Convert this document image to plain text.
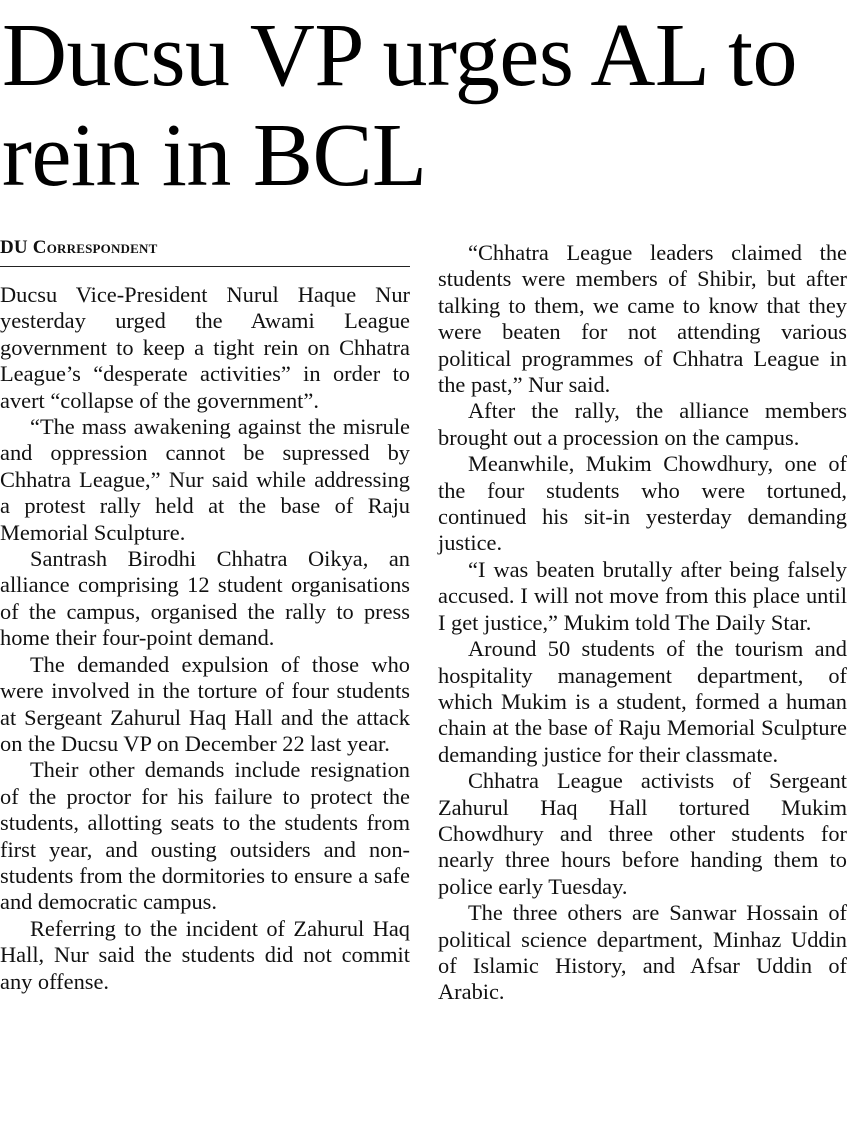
Ducsu VP urges AL to rein in BCL
DU Correspondent

Ducsu Vice-President Nurul Haque Nur yesterday urged the Awami League government to keep a tight rein on Chhatra League’s “desperate activities” in order to avert “collapse of the government”.

“The mass awakening against the misrule and oppression cannot be supressed by Chhatra League,” Nur said while addressing a protest rally held at the base of Raju Memorial Sculpture.

Santrash Birodhi Chhatra Oikya, an alliance comprising 12 student organisations of the campus, organised the rally to press home their four-point demand.

The demanded expulsion of those who were involved in the torture of four students at Sergeant Zahurul Haq Hall and the attack on the Ducsu VP on December 22 last year.

Their other demands include resignation of the proctor for his failure to protect the students, allotting seats to the students from first year, and ousting outsiders and non-students from the dormitories to ensure a safe and democratic campus.

Referring to the incident of Zahurul Haq Hall, Nur said the students did not commit any offense.

“Chhatra League leaders claimed the students were members of Shibir, but after talking to them, we came to know that they were beaten for not attending various political programmes of Chhatra League in the past,” Nur said.

After the rally, the alliance members brought out a procession on the campus.

Meanwhile, Mukim Chowdhury, one of the four students who were tortuned, continued his sit-in yesterday demanding justice.

“I was beaten brutally after being falsely accused. I will not move from this place until I get justice,” Mukim told The Daily Star.

Around 50 students of the tourism and hospitality management department, of which Mukim is a student, formed a human chain at the base of Raju Memorial Sculpture demanding justice for their classmate.

Chhatra League activists of Sergeant Zahurul Haq Hall tortured Mukim Chowdhury and three other students for nearly three hours before handing them to police early Tuesday.

The three others are Sanwar Hossain of political science department, Minhaz Uddin of Islamic History, and Afsar Uddin of Arabic.
